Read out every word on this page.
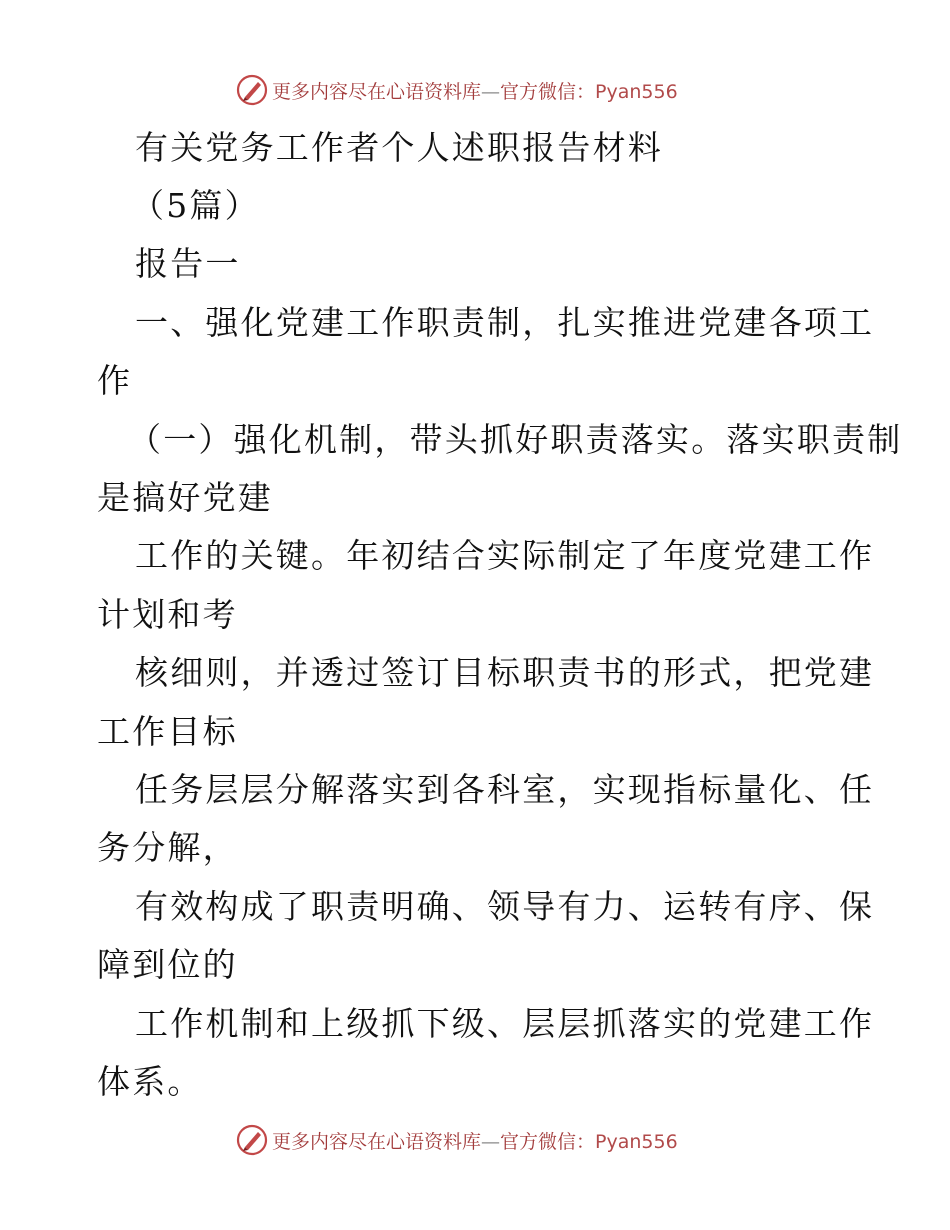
更多内容尽在心语资料库—官方微信：Pyan556
有关党务工作者个人述职报告材料
（5篇）
报告一
一、强化党建工作职责制，扎实推进党建各项工
作
（一）强化机制，带头抓好职责落实。落实职责制
是搞好党建
工作的关键。年初结合实际制定了年度党建工作
计划和考
核细则，并透过签订目标职责书的形式，把党建
工作目标
任务层层分解落实到各科室，实现指标量化、任
务分解，
有效构成了职责明确、领导有力、运转有序、保
障到位的
工作机制和上级抓下级、层层抓落实的党建工作
体系。
更多内容尽在心语资料库—官方微信：Pyan556
